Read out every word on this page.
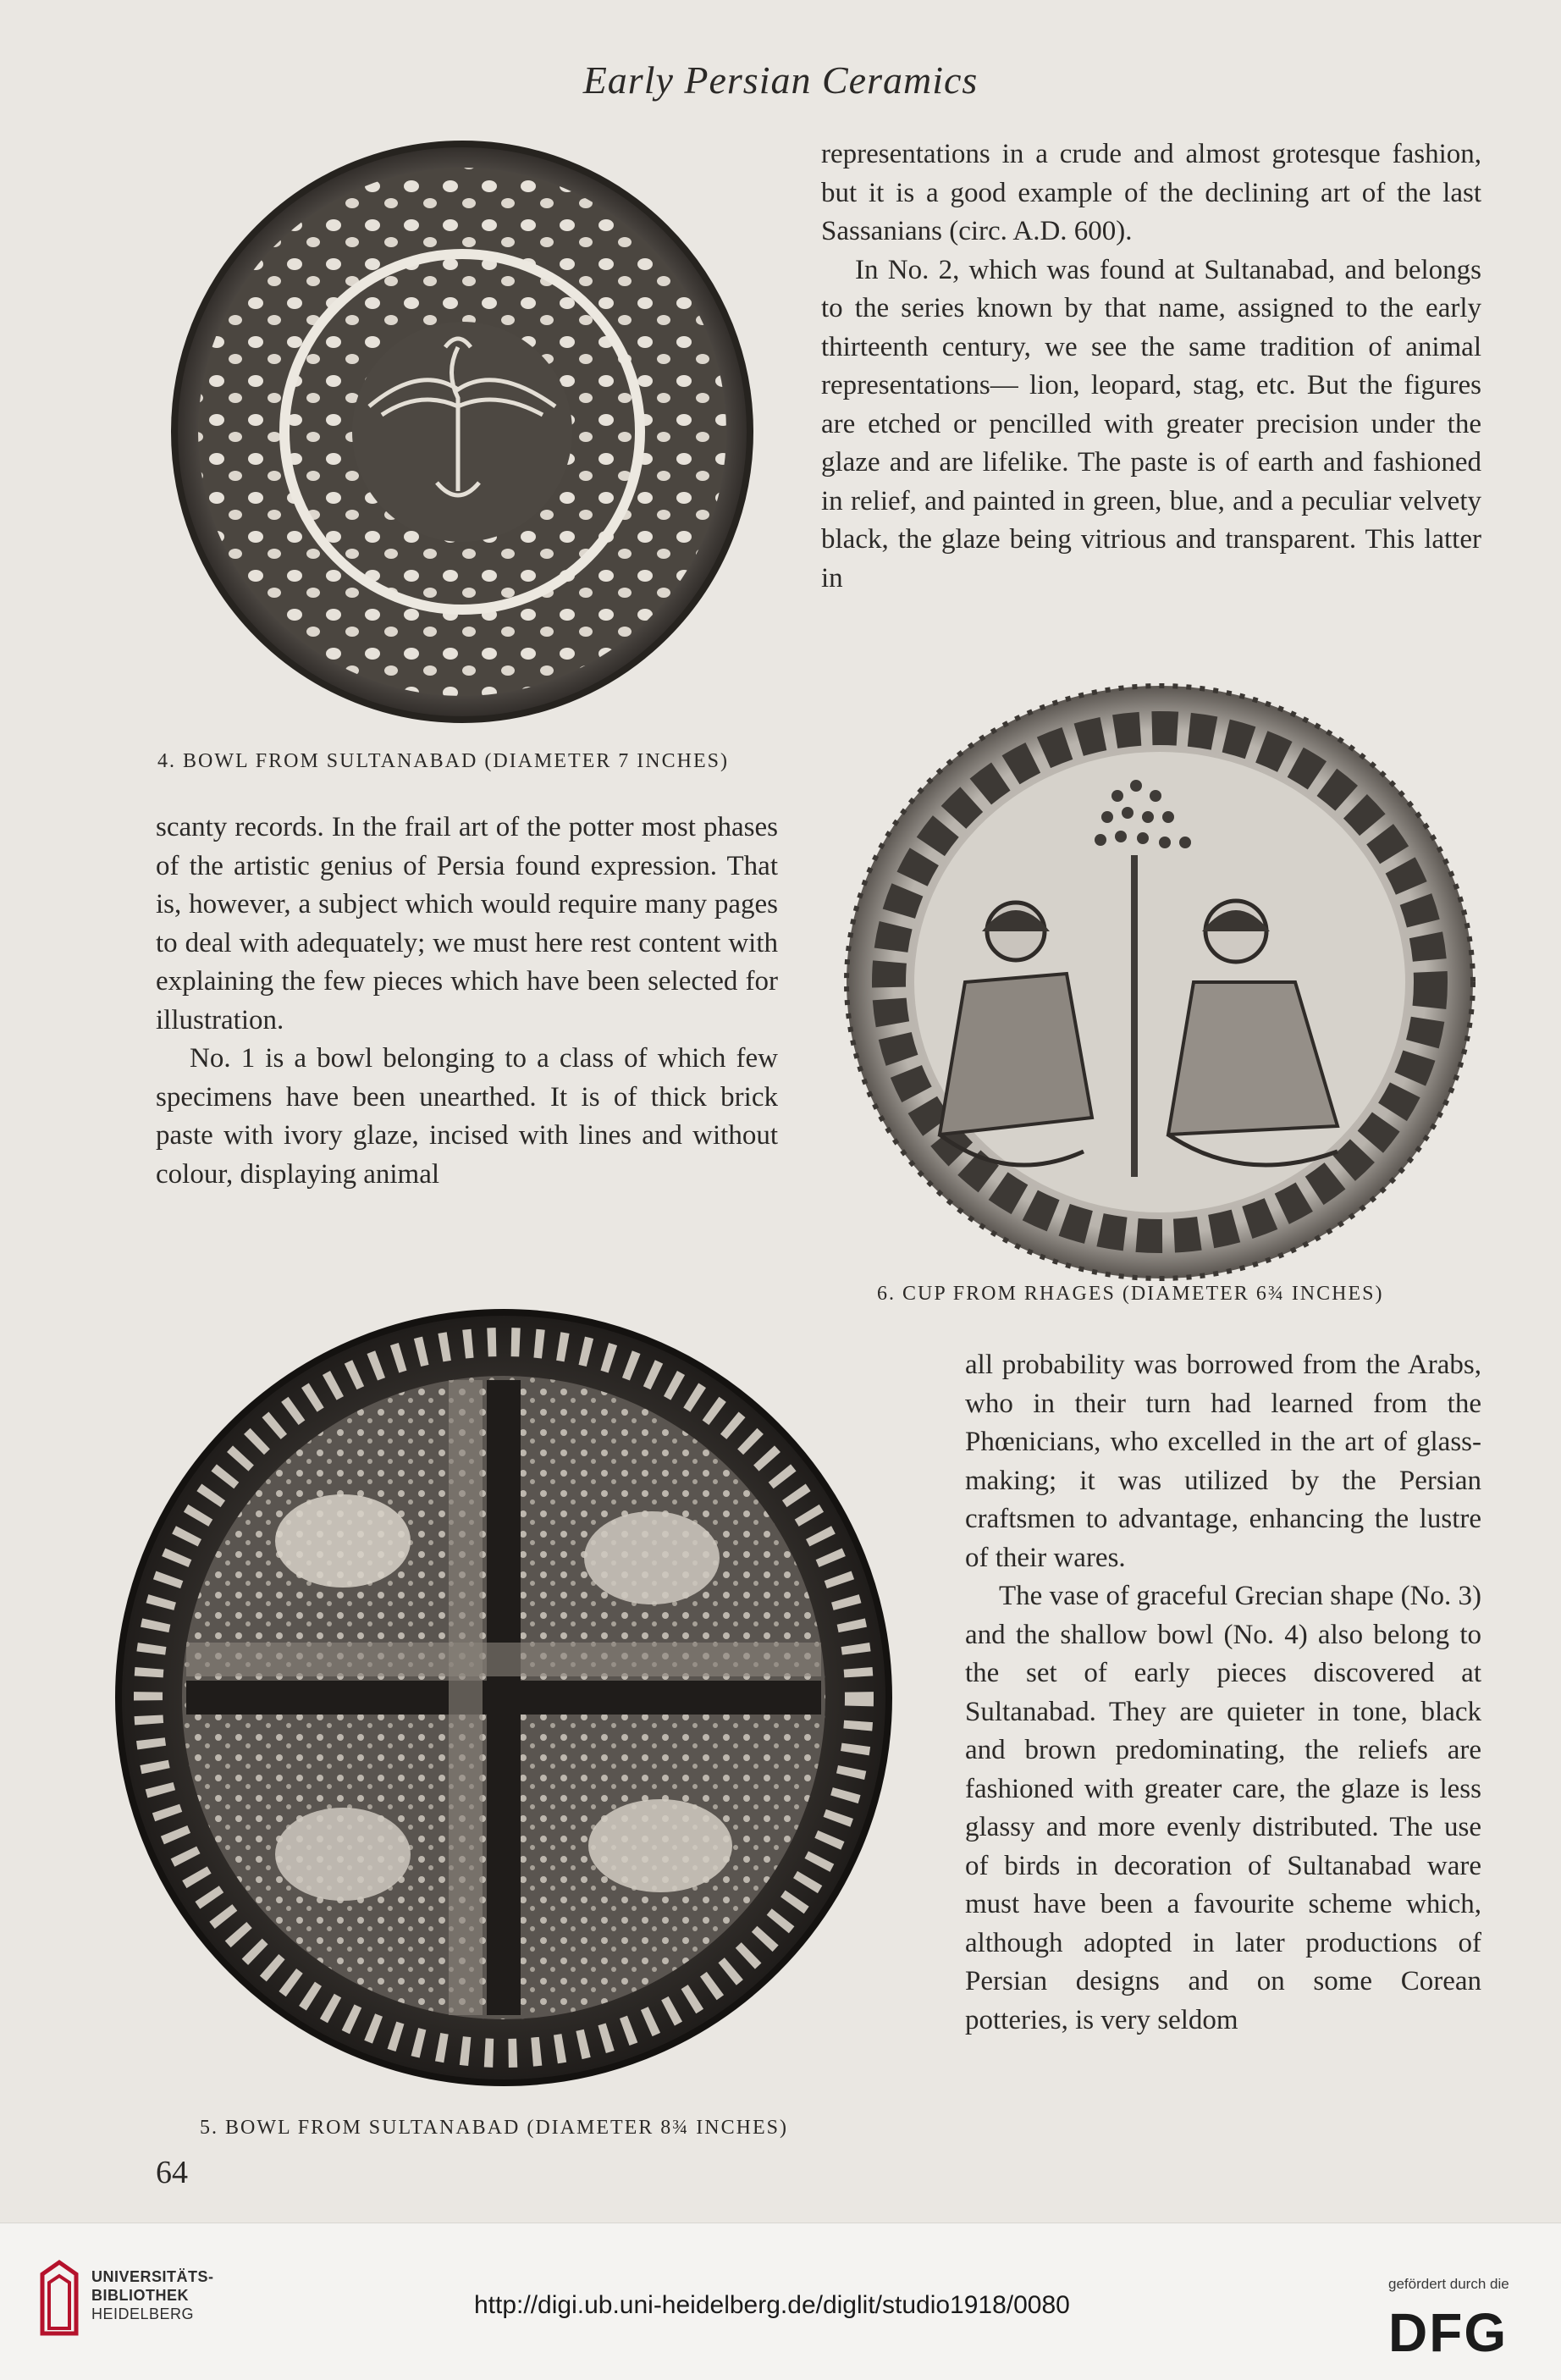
Early Persian Ceramics

representations in a crude and almost grotesque fashion, but it is a good example of the declining art of the last Sassanians (circ. A.D. 600).

In No. 2, which was found at Sultanabad, and belongs to the series known by that name, assigned to the early thirteenth century, we see the same tradition of animal representations— lion, leopard, stag, etc. But the figures are etched or pencilled with greater precision under the glaze and are lifelike. The paste is of earth and fashioned in relief, and painted in green, blue, and a peculiar velvety black, the glaze being vitrious and transparent. This latter in

4. BOWL FROM SULTANABAD (DIAMETER 7 INCHES)

scanty records. In the frail art of the potter most phases of the artistic genius of Persia found expression. That is, however, a subject which would require many pages to deal with adequately; we must here rest content with explaining the few pieces which have been selected for illustration.

No. 1 is a bowl belonging to a class of which few specimens have been unearthed. It is of thick brick paste with ivory glaze, incised with lines and without colour, displaying animal

6. CUP FROM RHAGES (DIAMETER 6¾ INCHES)

all probability was borrowed from the Arabs, who in their turn had learned from the Phœnicians, who excelled in the art of glass-making; it was utilized by the Persian craftsmen to advantage, enhancing the lustre of their wares.

The vase of graceful Grecian shape (No. 3) and the shallow bowl (No. 4) also belong to the set of early pieces discovered at Sultanabad. They are quieter in tone, black and brown predominating, the reliefs are fashioned with greater care, the glaze is less glassy and more evenly distributed. The use of birds in decoration of Sultanabad ware must have been a favourite scheme which, although adopted in later productions of Persian designs and on some Corean potteries, is very seldom

5. BOWL FROM SULTANABAD (DIAMETER 8¾ INCHES)
64
UNIVERSITÄTS-
BIBLIOTHEK
HEIDELBERG	http://digi.ub.uni-heidelberg.de/diglit/studio1918/0080
gefördert durch die
DFG
